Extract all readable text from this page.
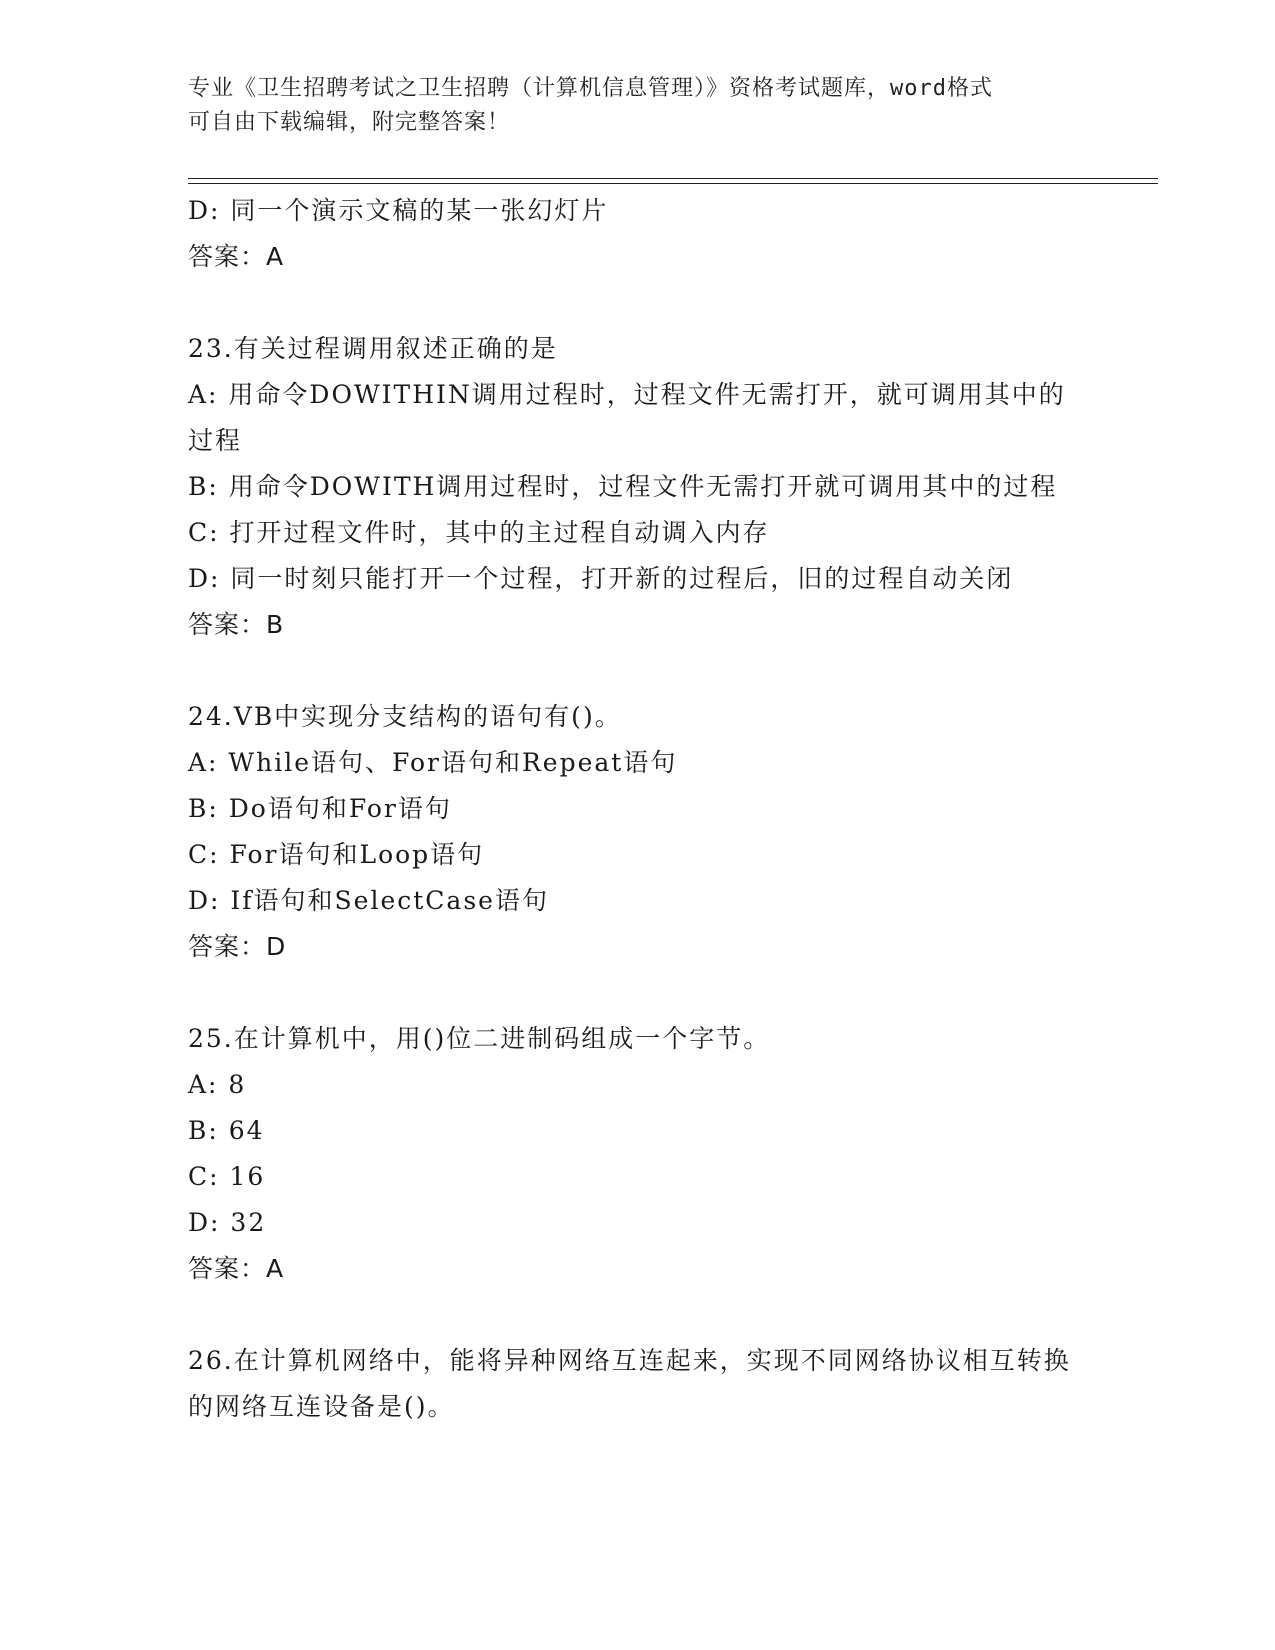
专业《卫生招聘考试之卫生招聘（计算机信息管理）》资格考试题库，word格式
可自由下载编辑，附完整答案！

D: 同一个演示文稿的某一张幻灯片

答案：A

23.有关过程调用叙述正确的是

A: 用命令DOWITHIN调用过程时，过程文件无需打开，就可调用其中的过程

B: 用命令DOWITH调用过程时，过程文件无需打开就可调用其中的过程

C: 打开过程文件时，其中的主过程自动调入内存

D: 同一时刻只能打开一个过程，打开新的过程后，旧的过程自动关闭

答案：B

24.VB中实现分支结构的语句有()。

A: While语句、For语句和Repeat语句

B: Do语句和For语句

C: For语句和Loop语句

D: If语句和SelectCase语句

答案：D

25.在计算机中，用()位二进制码组成一个字节。

A: 8

B: 64

C: 16

D: 32

答案：A

26.在计算机网络中，能将异种网络互连起来，实现不同网络协议相互转换的网络互连设备是()。
